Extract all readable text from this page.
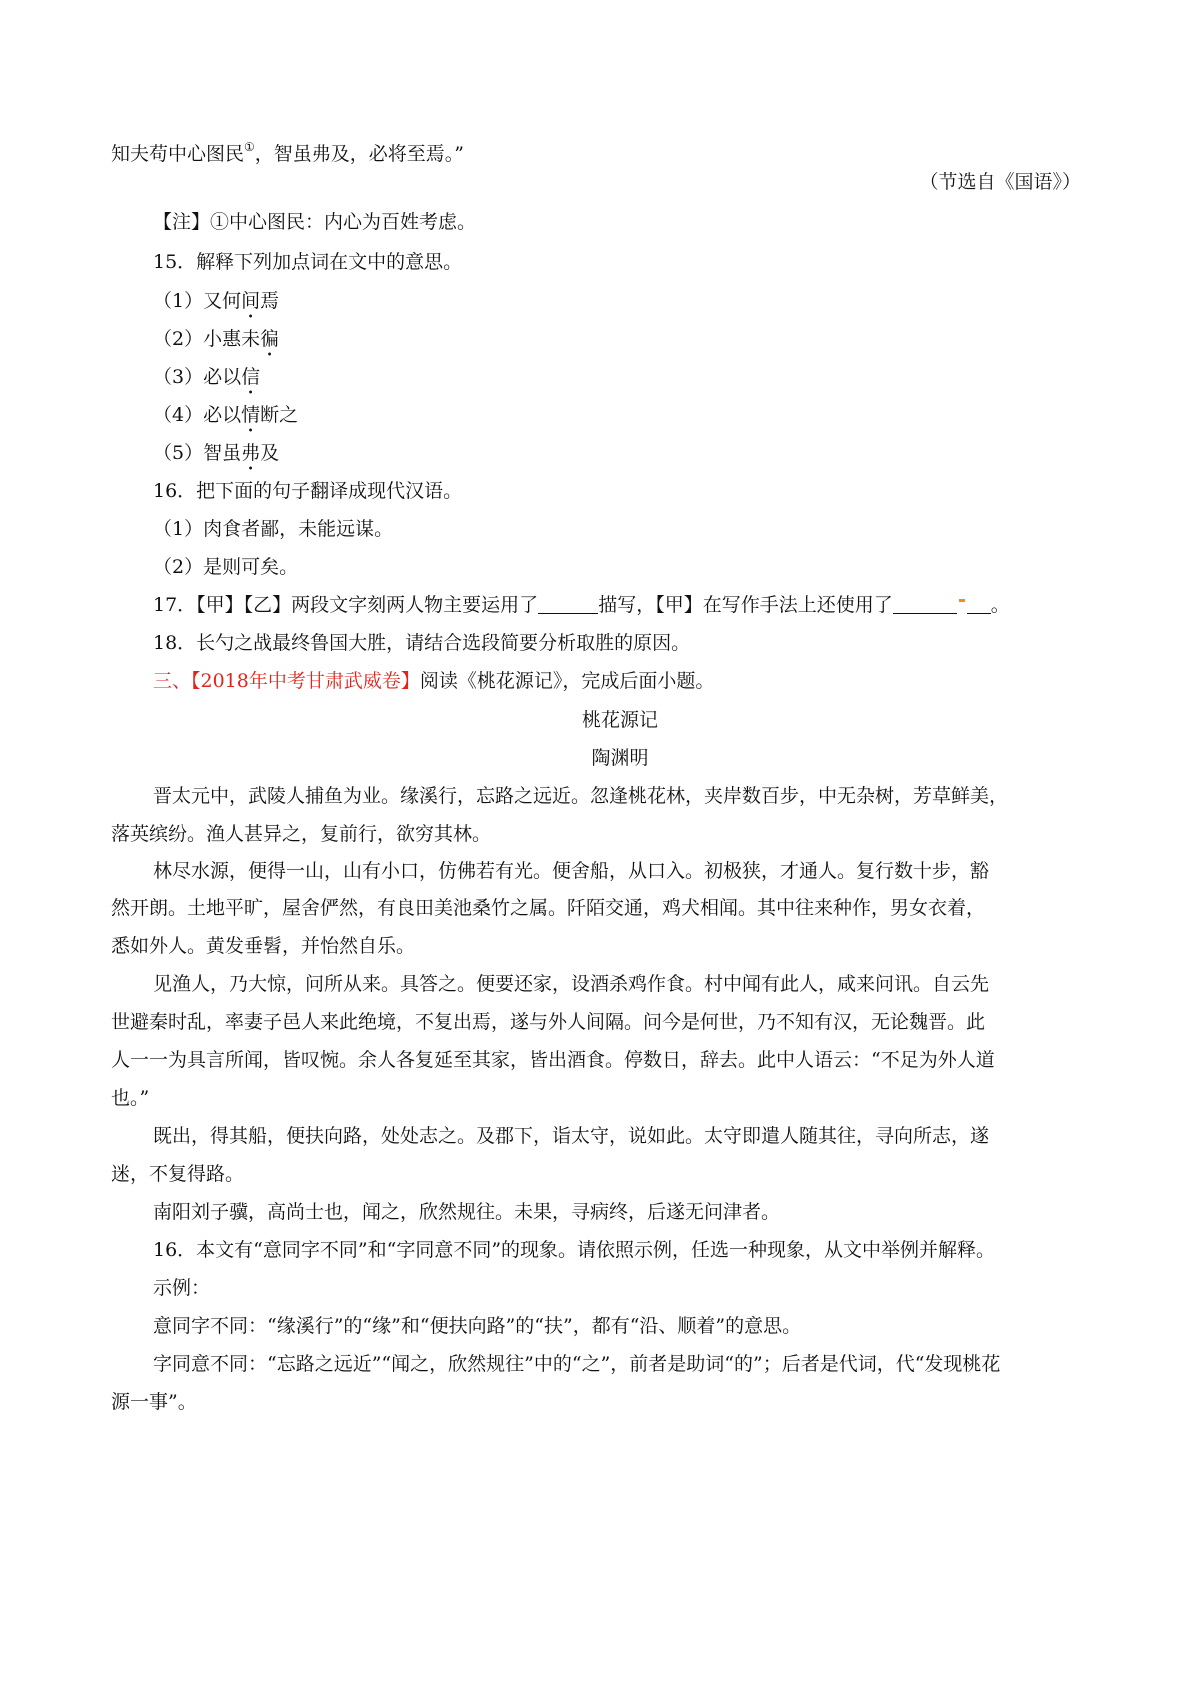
知夫苟中心图民①，智虽弗及，必将至焉。”
（节选自《国语》）
【注】①中心图民：内心为百姓考虑。
15．解释下列加点词在文中的意思。
（1）又何间焉
（2）小惠未徧
（3）必以信
（4）必以情断之
（5）智虽弗及
16．把下面的句子翻译成现代汉语。
（1）肉食者鄙，未能远谋。
（2）是则可矣。
17．【甲】【乙】两段文字刻两人物主要运用了	描写，【甲】在写作手法上还使用了	。
18．长勺之战最终鲁国大胜，请结合选段简要分析取胜的原因。
三、【2018年中考甘肃武威卷】阅读《桃花源记》，完成后面小题。
桃花源记
陶渊明
晋太元中，武陵人捕鱼为业。缘溪行，忘路之远近。忽逢桃花林，夹岸数百步，中无杂树，芳草鲜美，
落英缤纷。渔人甚异之，复前行，欲穷其林。
林尽水源，便得一山，山有小口，仿佛若有光。便舍船，从口入。初极狭，才通人。复行数十步，豁
然开朗。土地平旷，屋舍俨然，有良田美池桑竹之属。阡陌交通，鸡犬相闻。其中往来种作，男女衣着，
悉如外人。黄发垂髫，并怡然自乐。
见渔人，乃大惊，问所从来。具答之。便要还家，设酒杀鸡作食。村中闻有此人，咸来问讯。自云先
世避秦时乱，率妻子邑人来此绝境，不复出焉，遂与外人间隔。问今是何世，乃不知有汉，无论魏晋。此
人一一为具言所闻，皆叹惋。余人各复延至其家，皆出酒食。停数日，辞去。此中人语云：“不足为外人道
也。”
既出，得其船，便扶向路，处处志之。及郡下，诣太守，说如此。太守即遣人随其往，寻向所志，遂
迷，不复得路。
南阳刘子骥，高尚士也，闻之，欣然规往。未果，寻病终，后遂无问津者。
16．本文有“意同字不同”和“字同意不同”的现象。请依照示例，任选一种现象，从文中举例并解释。
示例：
意同字不同：“缘溪行”的“缘”和“便扶向路”的“扶”，都有“沿、顺着”的意思。
字同意不同：“忘路之远近”“闻之，欣然规往”中的“之”，前者是助词“的”；后者是代词，代“发现桃花
源一事”。
